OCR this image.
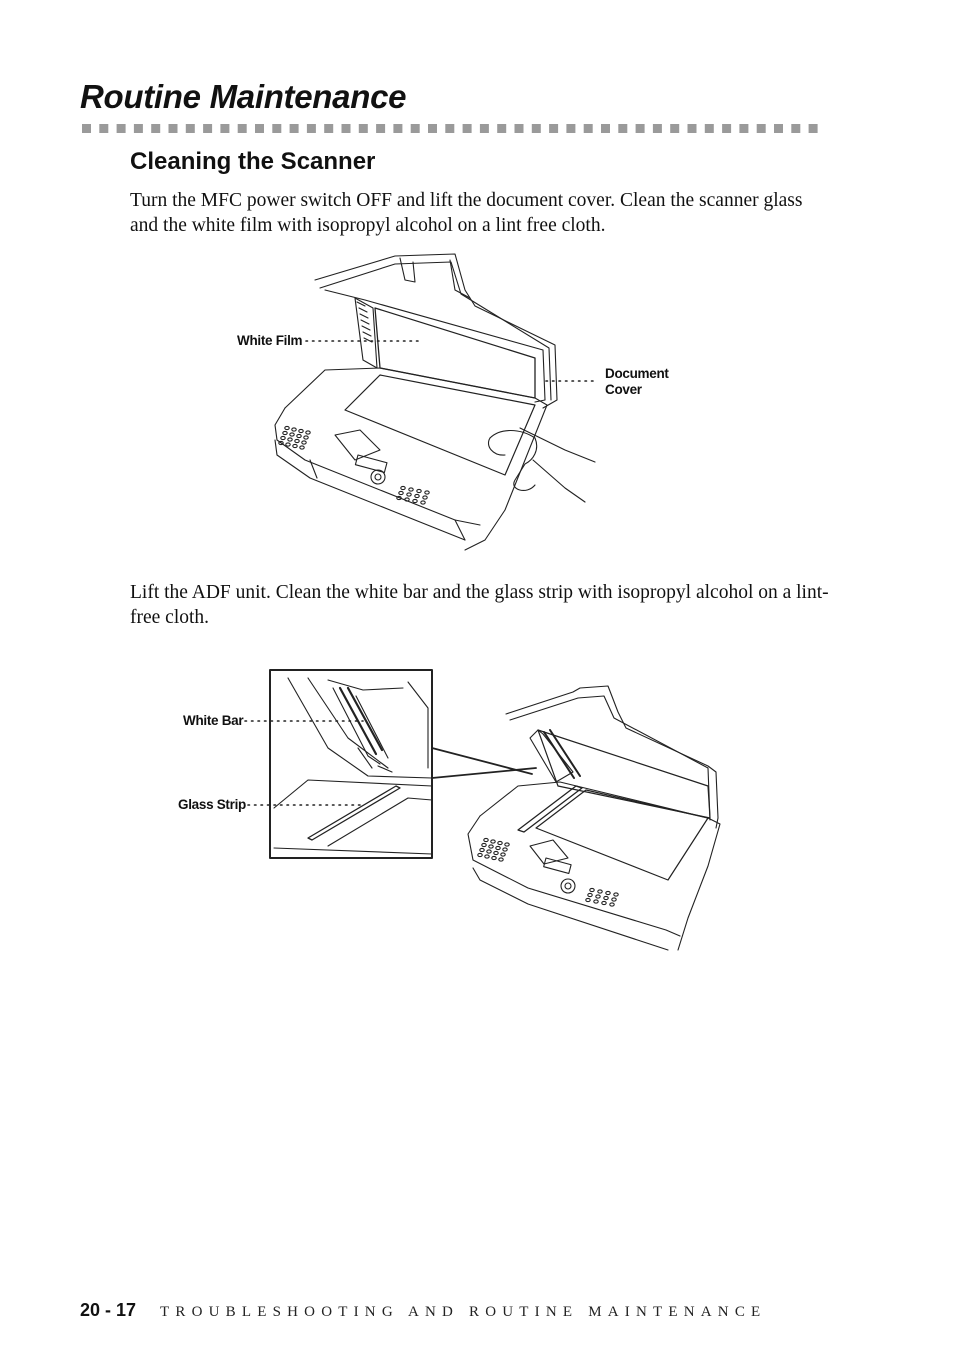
Routine Maintenance
Cleaning the Scanner

Turn the MFC power switch OFF and lift the document cover. Clean the scanner glass and the white film with isopropyl alcohol on a lint free cloth.

White Film
Document Cover

Lift the ADF unit. Clean the white bar and the glass strip with isopropyl alcohol on a lint-free cloth.

White Bar
Glass Strip
20 - 17 TROUBLESHOOTING AND ROUTINE MAINTENANCE
